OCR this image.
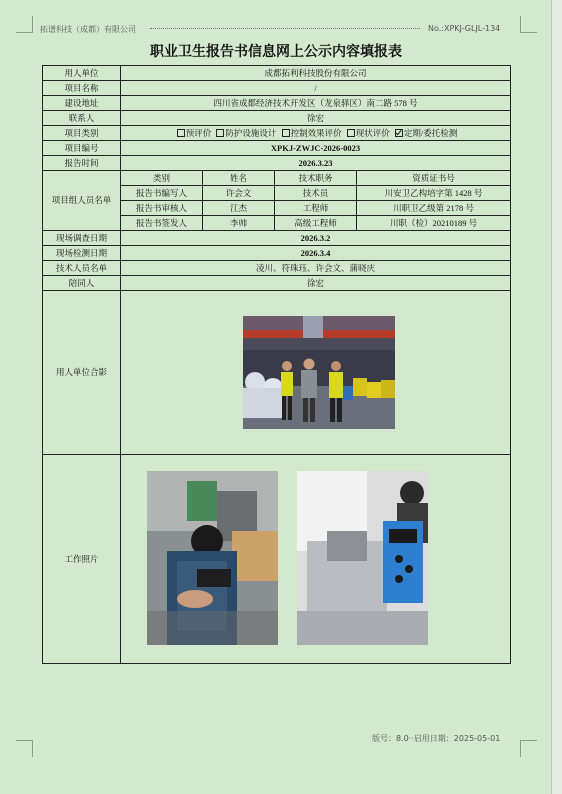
拓谱科技（成都）有限公司	No.:XPKJ-GLJL-134
职业卫生报告书信息网上公示内容填报表
用人单位	成都拓利科技股份有限公司			
项目名称	/			
建设地址	四川省成都经济技术开发区（龙泉驿区）南二路 578 号			
联系人	徐宏			
项目类别	预评价 防护设施设计 控制效果评价 现状评价 定期/委托检测			
项目编号	XPKJ-ZWJC-2026-0023			
报告时间	2026.3.23			
项目组人员名单	类别	姓名	技术职务	资质证书号
	报告书编写人	许会文	技术员	川安卫乙构培字第 1428 号
	报告书审核人	江杰	工程师	川职卫乙级第 2178 号
	报告书签发人	李帅	高级工程师	川职（检）20210189 号
现场调查日期	2026.3.2			
现场检测日期	2026.3.4			
技术人员名单	凌川、符珠珏、许会文、蒲晓庆			
陪同人	徐宏			
用人单位合影	

工作照片	
版号：8.0··启用日期：2025-05-01
